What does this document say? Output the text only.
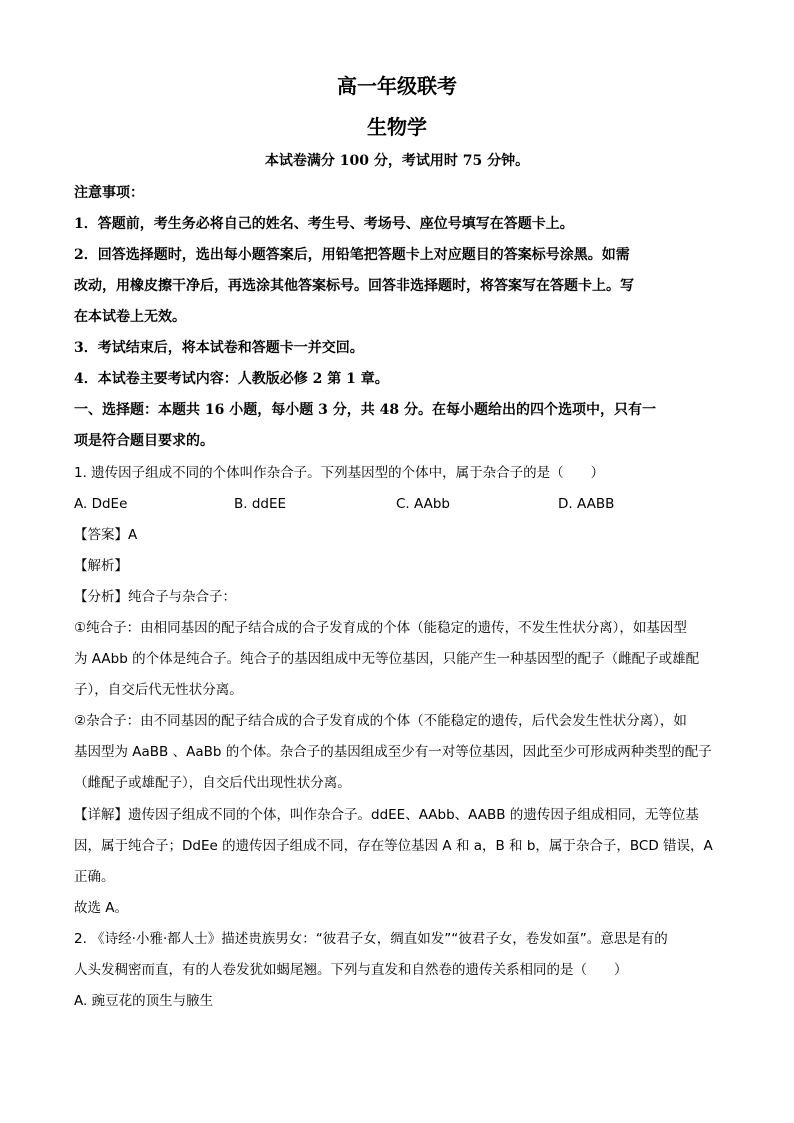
高一年级联考
生物学
本试卷满分 100 分，考试用时 75 分钟。
注意事项：
1．答题前，考生务必将自己的姓名、考生号、考场号、座位号填写在答题卡上。
2．回答选择题时，选出每小题答案后，用铅笔把答题卡上对应题目的答案标号涂黑。如需
改动，用橡皮擦干净后，再选涂其他答案标号。回答非选择题时，将答案写在答题卡上。写
在本试卷上无效。
3．考试结束后，将本试卷和答题卡一并交回。
4．本试卷主要考试内容：人教版必修 2 第 1 章。
一、选择题：本题共 16 小题，每小题 3 分，共 48 分。在每小题给出的四个选项中，只有一
项是符合题目要求的。
1. 遗传因子组成不同的个体叫作杂合子。下列基因型的个体中，属于杂合子的是（　　）
A. DdEe	B. ddEE	C. AAbb	D. AABB
【答案】A
【解析】
【分析】纯合子与杂合子：
①纯合子：由相同基因的配子结合成的合子发育成的个体（能稳定的遗传，不发生性状分离），如基因型
为 AAbb 的个体是纯合子。纯合子的基因组成中无等位基因，只能产生一种基因型的配子（雌配子或雄配
子），自交后代无性状分离。
②杂合子：由不同基因的配子结合成的合子发育成的个体（不能稳定的遗传，后代会发生性状分离），如
基因型为 AaBB 、AaBb 的个体。杂合子的基因组成至少有一对等位基因，因此至少可形成两种类型的配子
（雌配子或雄配子），自交后代出现性状分离。
【详解】遗传因子组成不同的个体，叫作杂合子。ddEE、AAbb、AABB 的遗传因子组成相同，无等位基
因，属于纯合子；DdEe 的遗传因子组成不同，存在等位基因 A 和 a，B 和 b，属于杂合子，BCD 错误，A
正确。
故选 A。
2. 《诗经·小雅·都人士》描述贵族男女：“彼君子女，绸直如发”“彼君子女，卷发如虿”。意思是有的
人头发稠密而直，有的人卷发犹如蝎尾翘。下列与直发和自然卷的遗传关系相同的是（　　）
A. 豌豆花的顶生与腋生
